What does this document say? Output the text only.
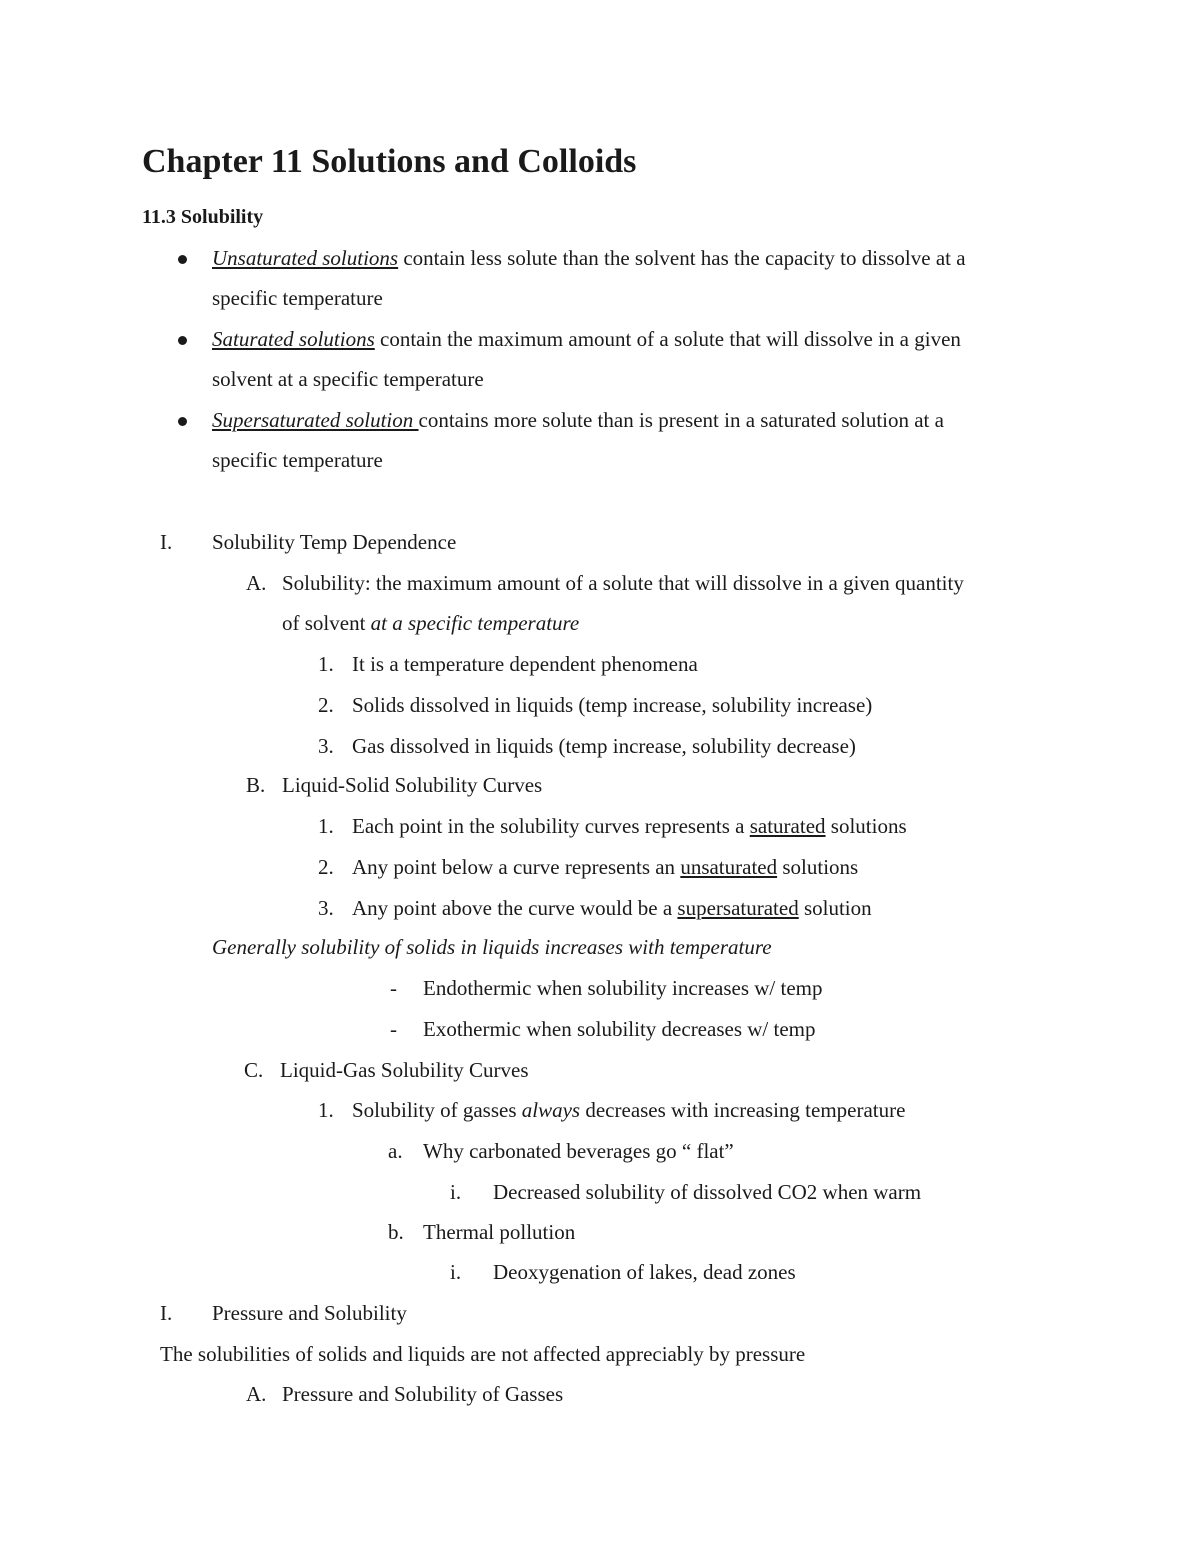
Chapter 11 Solutions and Colloids
11.3 Solubility
Unsaturated solutions contain less solute than the solvent has the capacity to dissolve at a
specific temperature
Saturated solutions contain the maximum amount of a solute that will dissolve in a given
solvent at a specific temperature
Supersaturated solution contains more solute than is present in a saturated solution at a
specific temperature
I. Solubility Temp Dependence
A. Solubility: the maximum amount of a solute that will dissolve in a given quantity
of solvent at a specific temperature
1. It is a temperature dependent phenomena
2. Solids dissolved in liquids (temp increase, solubility increase)
3. Gas dissolved in liquids (temp increase, solubility decrease)
B. Liquid-Solid Solubility Curves
1. Each point in the solubility curves represents a saturated solutions
2. Any point below a curve represents an unsaturated solutions
3. Any point above the curve would be a supersaturated solution
Generally solubility of solids in liquids increases with temperature
- Endothermic when solubility increases w/ temp
- Exothermic when solubility decreases w/ temp
C. Liquid-Gas Solubility Curves
1. Solubility of gasses always decreases with increasing temperature
a. Why carbonated beverages go “ flat”
i. Decreased solubility of dissolved CO2 when warm
b. Thermal pollution
i. Deoxygenation of lakes, dead zones
I. Pressure and Solubility
The solubilities of solids and liquids are not affected appreciably by pressure
A. Pressure and Solubility of Gasses
